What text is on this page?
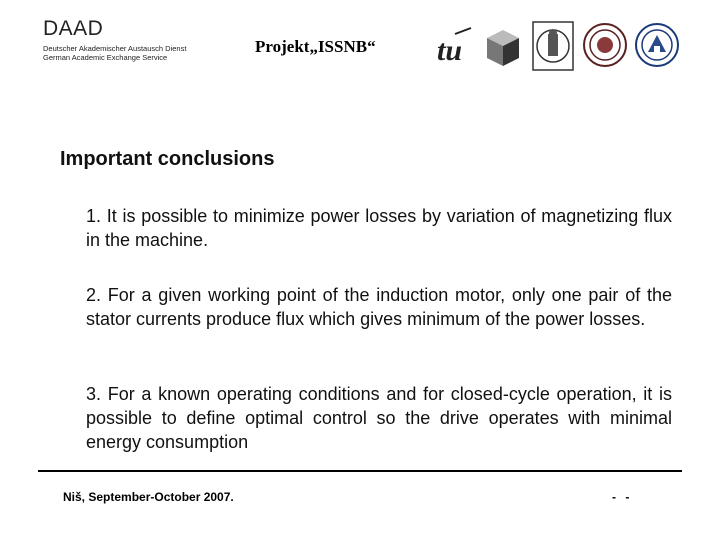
DAAD
Deutscher Akademischer Austausch Dienst
German Academic Exchange Service
Projekt„ISSNB“ tu
Important conclusions
1. It is possible to minimize power losses by variation of magnetizing flux in the machine.
2. For a given working point of the induction motor, only one pair of the stator currents produce flux which gives minimum of the power losses.
3. For a known operating conditions and for closed-cycle operation, it is possible to define optimal control so the drive operates with minimal energy consumption
Niš, September-October 2007.	- -
